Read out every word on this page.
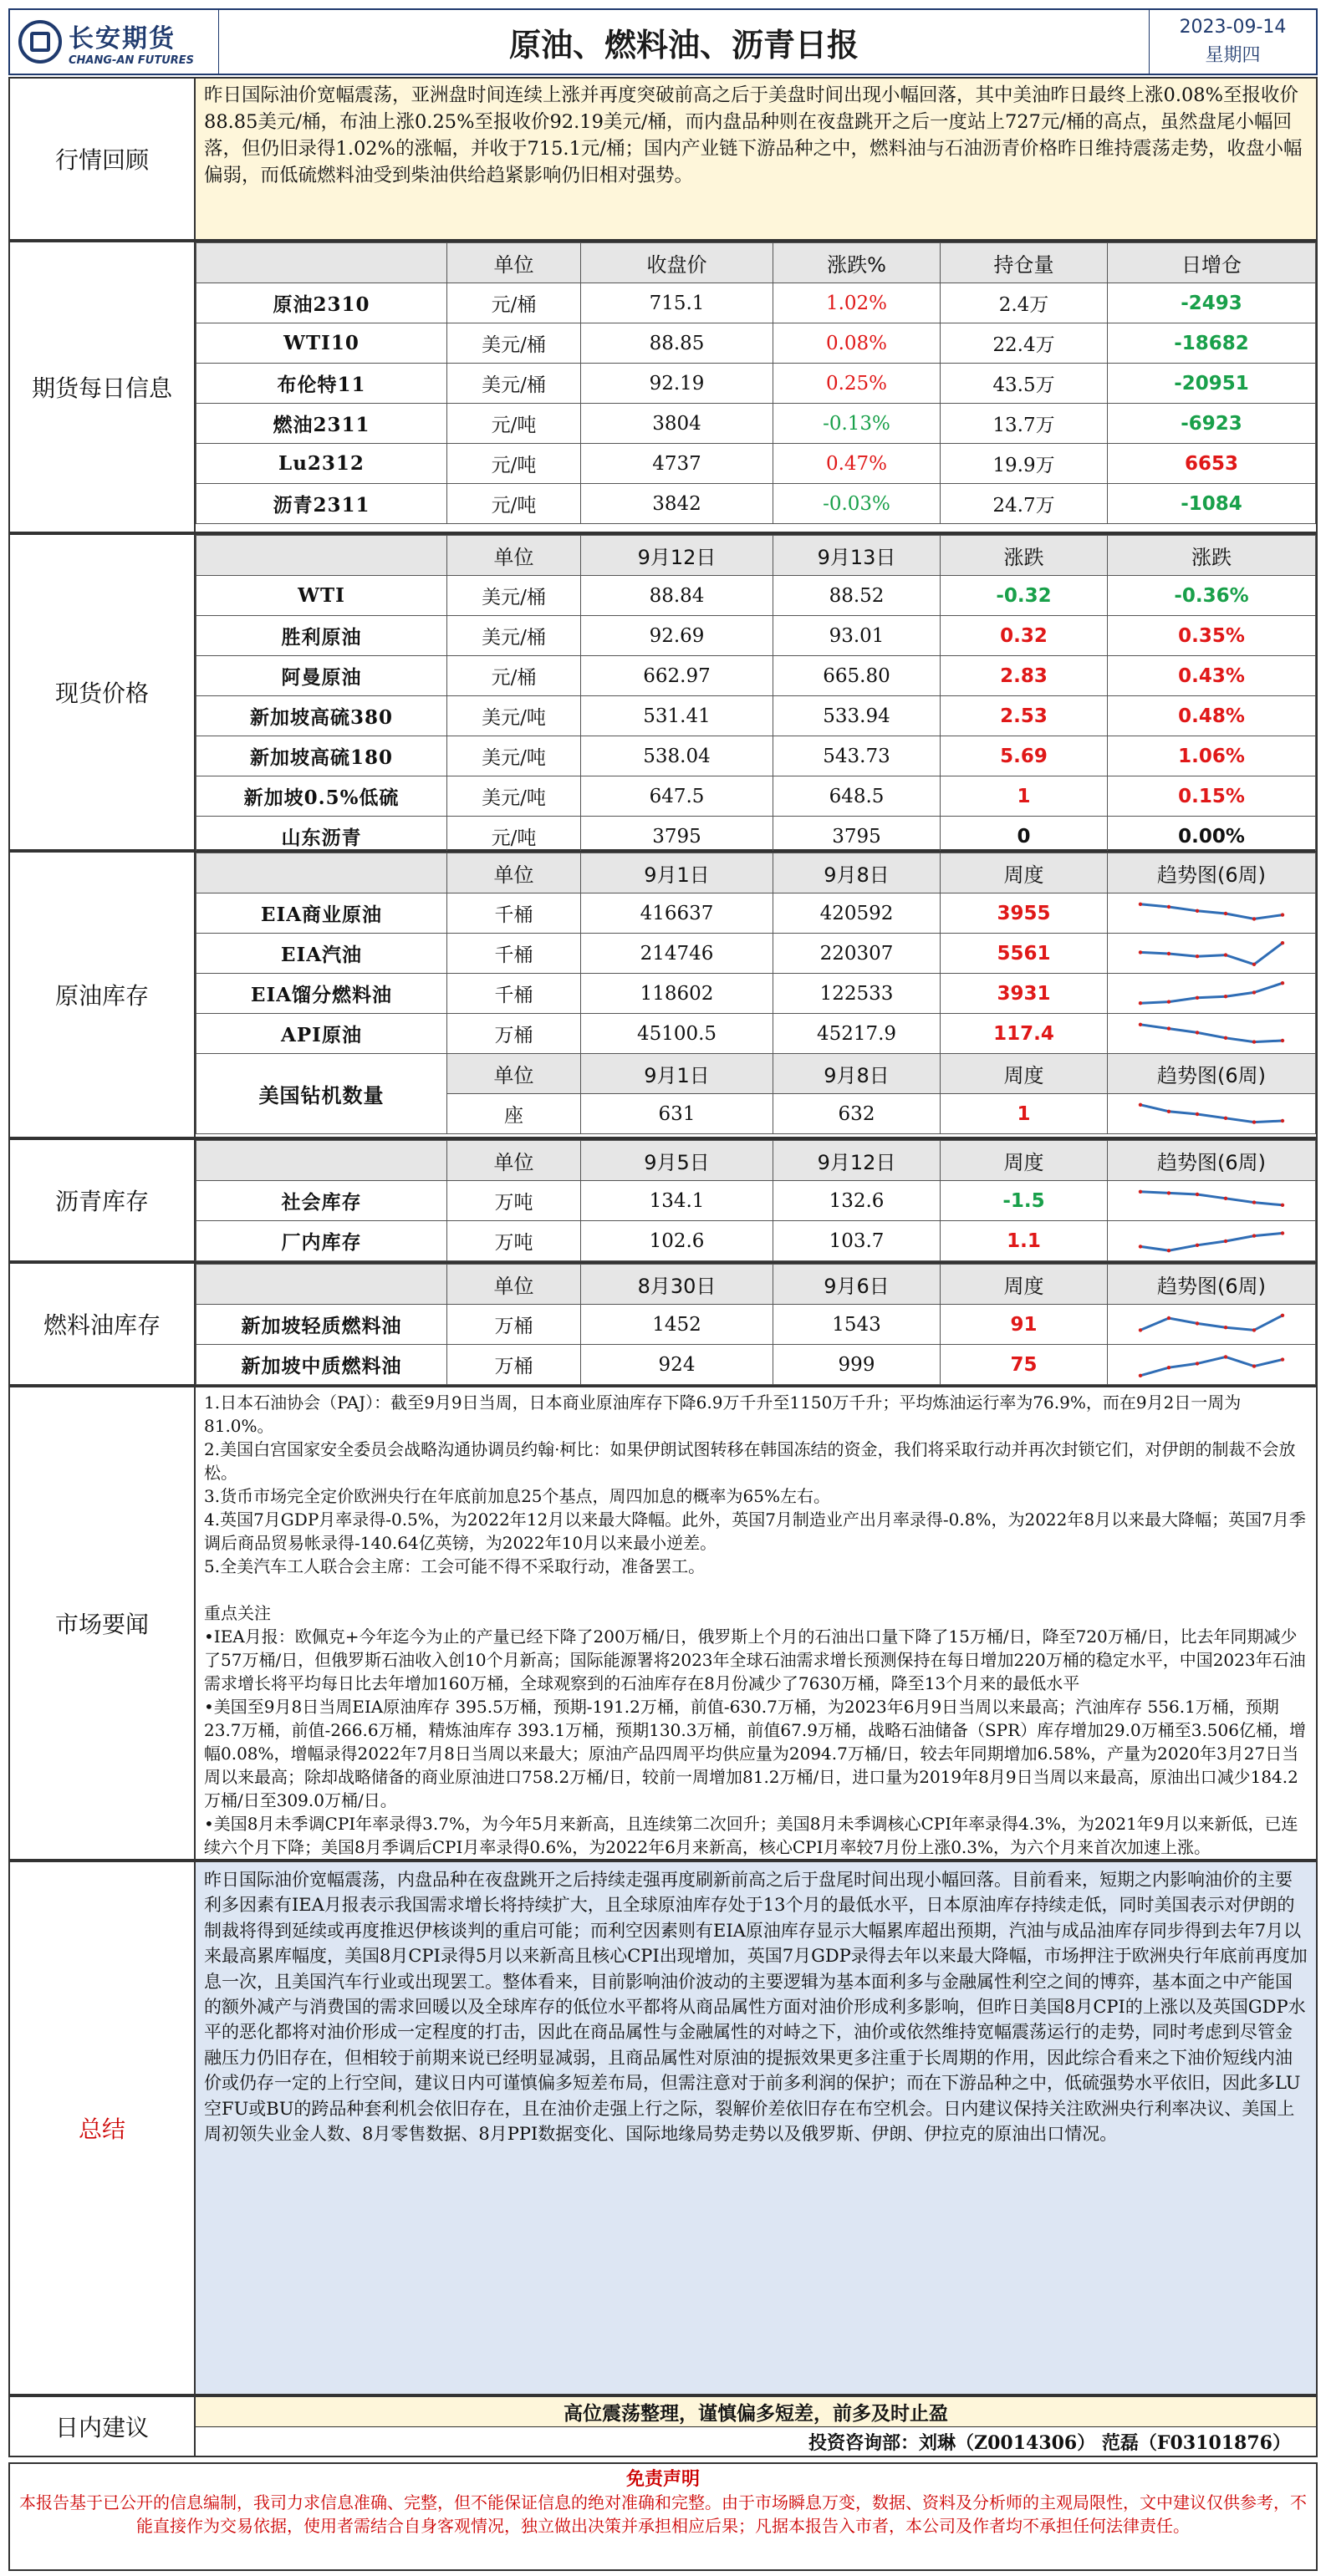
长安期货
CHANG-AN FUTURES	原油、燃料油、沥青日报	2023-09-14
星期四
行情回顾
昨日国际油价宽幅震荡，亚洲盘时间连续上涨并再度突破前高之后于美盘时间出现小幅回落，其中美油昨日最终上涨0.08%至报收价88.85美元/桶，布油上涨0.25%至报收价92.19美元/桶，而内盘品种则在夜盘跳开之后一度站上727元/桶的高点，虽然盘尾小幅回落，但仍旧录得1.02%的涨幅，并收于715.1元/桶；国内产业链下游品种之中，燃料油与石油沥青价格昨日维持震荡走势，收盘小幅偏弱，而低硫燃料油受到柴油供给趋紧影响仍旧相对强势。
期货每日信息
	单位	收盘价	涨跌%	持仓量	日增仓
原油2310	元/桶	715.1	1.02%	2.4万	-2493
WTI10	美元/桶	88.85	0.08%	22.4万	-18682
布伦特11	美元/桶	92.19	0.25%	43.5万	-20951
燃油2311	元/吨	3804	-0.13%	13.7万	-6923
Lu2312	元/吨	4737	0.47%	19.9万	6653
沥青2311	元/吨	3842	-0.03%	24.7万	-1084
现货价格
	单位	9月12日	9月13日	涨跌	涨跌
WTI	美元/桶	88.84	88.52	-0.32	-0.36%
胜利原油	美元/桶	92.69	93.01	0.32	0.35%
阿曼原油	元/桶	662.97	665.80	2.83	0.43%
新加坡高硫380	美元/吨	531.41	533.94	2.53	0.48%
新加坡高硫180	美元/吨	538.04	543.73	5.69	1.06%
新加坡0.5%低硫	美元/吨	647.5	648.5	1	0.15%
山东沥青	元/吨	3795	3795	0	0.00%
原油库存
	单位	9月1日	9月8日	周度	趋势图(6周)
EIA商业原油	千桶	416637	420592	3955	

EIA汽油	千桶	214746	220307	5561	

EIA馏分燃料油	千桶	118602	122533	3931	

API原油	万桶	45100.5	45217.9	117.4	

美国钻机数量	单位	9月1日	9月8日	周度	趋势图(6周)
	座	631	632	1	
沥青库存
	单位	9月5日	9月12日	周度	趋势图(6周)
社会库存	万吨	134.1	132.6	-1.5	

厂内库存	万吨	102.6	103.7	1.1	
燃料油库存
	单位	8月30日	9月6日	周度	趋势图(6周)
新加坡轻质燃料油	万桶	1452	1543	91	

新加坡中质燃料油	万桶	924	999	75	
市场要闻
1.日本石油协会（PAJ）：截至9月9日当周，日本商业原油库存下降6.9万千升至1150万千升；平均炼油运行率为76.9%，而在9月2日一周为81.0%。
2.美国白宫国家安全委员会战略沟通协调员约翰·柯比：如果伊朗试图转移在韩国冻结的资金，我们将采取行动并再次封锁它们，对伊朗的制裁不会放松。
3.货币市场完全定价欧洲央行在年底前加息25个基点，周四加息的概率为65%左右。
4.英国7月GDP月率录得-0.5%，为2022年12月以来最大降幅。此外，英国7月制造业产出月率录得-0.8%，为2022年8月以来最大降幅；英国7月季调后商品贸易帐录得-140.64亿英镑，为2022年10月以来最小逆差。
5.全美汽车工人联合会主席：工会可能不得不采取行动，准备罢工。
重点关注
•IEA月报：欧佩克+今年迄今为止的产量已经下降了200万桶/日，俄罗斯上个月的石油出口量下降了15万桶/日，降至720万桶/日，比去年同期减少了57万桶/日，但俄罗斯石油收入创10个月新高；国际能源署将2023年全球石油需求增长预测保持在每日增加220万桶的稳定水平，中国2023年石油需求增长将平均每日比去年增加160万桶，全球观察到的石油库存在8月份减少了7630万桶，降至13个月来的最低水平
•美国至9月8日当周EIA原油库存 395.5万桶，预期-191.2万桶，前值-630.7万桶，为2023年6月9日当周以来最高；汽油库存 556.1万桶，预期23.7万桶，前值-266.6万桶，精炼油库存 393.1万桶，预期130.3万桶，前值67.9万桶，战略石油储备（SPR）库存增加29.0万桶至3.506亿桶，增幅0.08%，增幅录得2022年7月8日当周以来最大；原油产品四周平均供应量为2094.7万桶/日，较去年同期增加6.58%，产量为2020年3月27日当周以来最高；除却战略储备的商业原油进口758.2万桶/日，较前一周增加81.2万桶/日，进口量为2019年8月9日当周以来最高，原油出口减少184.2万桶/日至309.0万桶/日。
•美国8月未季调CPI年率录得3.7%，为今年5月来新高，且连续第二次回升；美国8月未季调核心CPI年率录得4.3%，为2021年9月以来新低，已连续六个月下降；美国8月季调后CPI月率录得0.6%，为2022年6月来新高，核心CPI月率较7月份上涨0.3%，为六个月来首次加速上涨。
总结
昨日国际油价宽幅震荡，内盘品种在夜盘跳开之后持续走强再度刷新前高之后于盘尾时间出现小幅回落。目前看来，短期之内影响油价的主要利多因素有IEA月报表示我国需求增长将持续扩大，且全球原油库存处于13个月的最低水平，日本原油库存持续走低，同时美国表示对伊朗的制裁将得到延续或再度推迟伊核谈判的重启可能；而利空因素则有EIA原油库存显示大幅累库超出预期，汽油与成品油库存同步得到去年7月以来最高累库幅度，美国8月CPI录得5月以来新高且核心CPI出现增加，英国7月GDP录得去年以来最大降幅，市场押注于欧洲央行年底前再度加息一次，且美国汽车行业或出现罢工。整体看来，目前影响油价波动的主要逻辑为基本面利多与金融属性利空之间的博弈，基本面之中产能国的额外减产与消费国的需求回暖以及全球库存的低位水平都将从商品属性方面对油价形成利多影响，但昨日美国8月CPI的上涨以及英国GDP水平的恶化都将对油价形成一定程度的打击，因此在商品属性与金融属性的对峙之下，油价或依然维持宽幅震荡运行的走势，同时考虑到尽管金融压力仍旧存在，但相较于前期来说已经明显减弱，且商品属性对原油的提振效果更多注重于长周期的作用，因此综合看来之下油价短线内油价或仍存一定的上行空间，建议日内可谨慎偏多短差布局，但需注意对于前多利润的保护；而在下游品种之中，低硫强势水平依旧，因此多LU空FU或BU的跨品种套利机会依旧存在，且在油价走强上行之际，裂解价差依旧存在布空机会。日内建议保持关注欧洲央行利率决议、美国上周初领失业金人数、8月零售数据、8月PPI数据变化、国际地缘局势走势以及俄罗斯、伊朗、伊拉克的原油出口情况。
日内建议
高位震荡整理，谨慎偏多短差，前多及时止盈
投资咨询部：刘琳（Z0014306） 范磊（F03101876）
免责声明
本报告基于已公开的信息编制，我司力求信息准确、完整，但不能保证信息的绝对准确和完整。由于市场瞬息万变，数据、资料及分析师的主观局限性，文中建议仅供参考，不能直接作为交易依据，使用者需结合自身客观情况，独立做出决策并承担相应后果；凡据本报告入市者，本公司及作者均不承担任何法律责任。
